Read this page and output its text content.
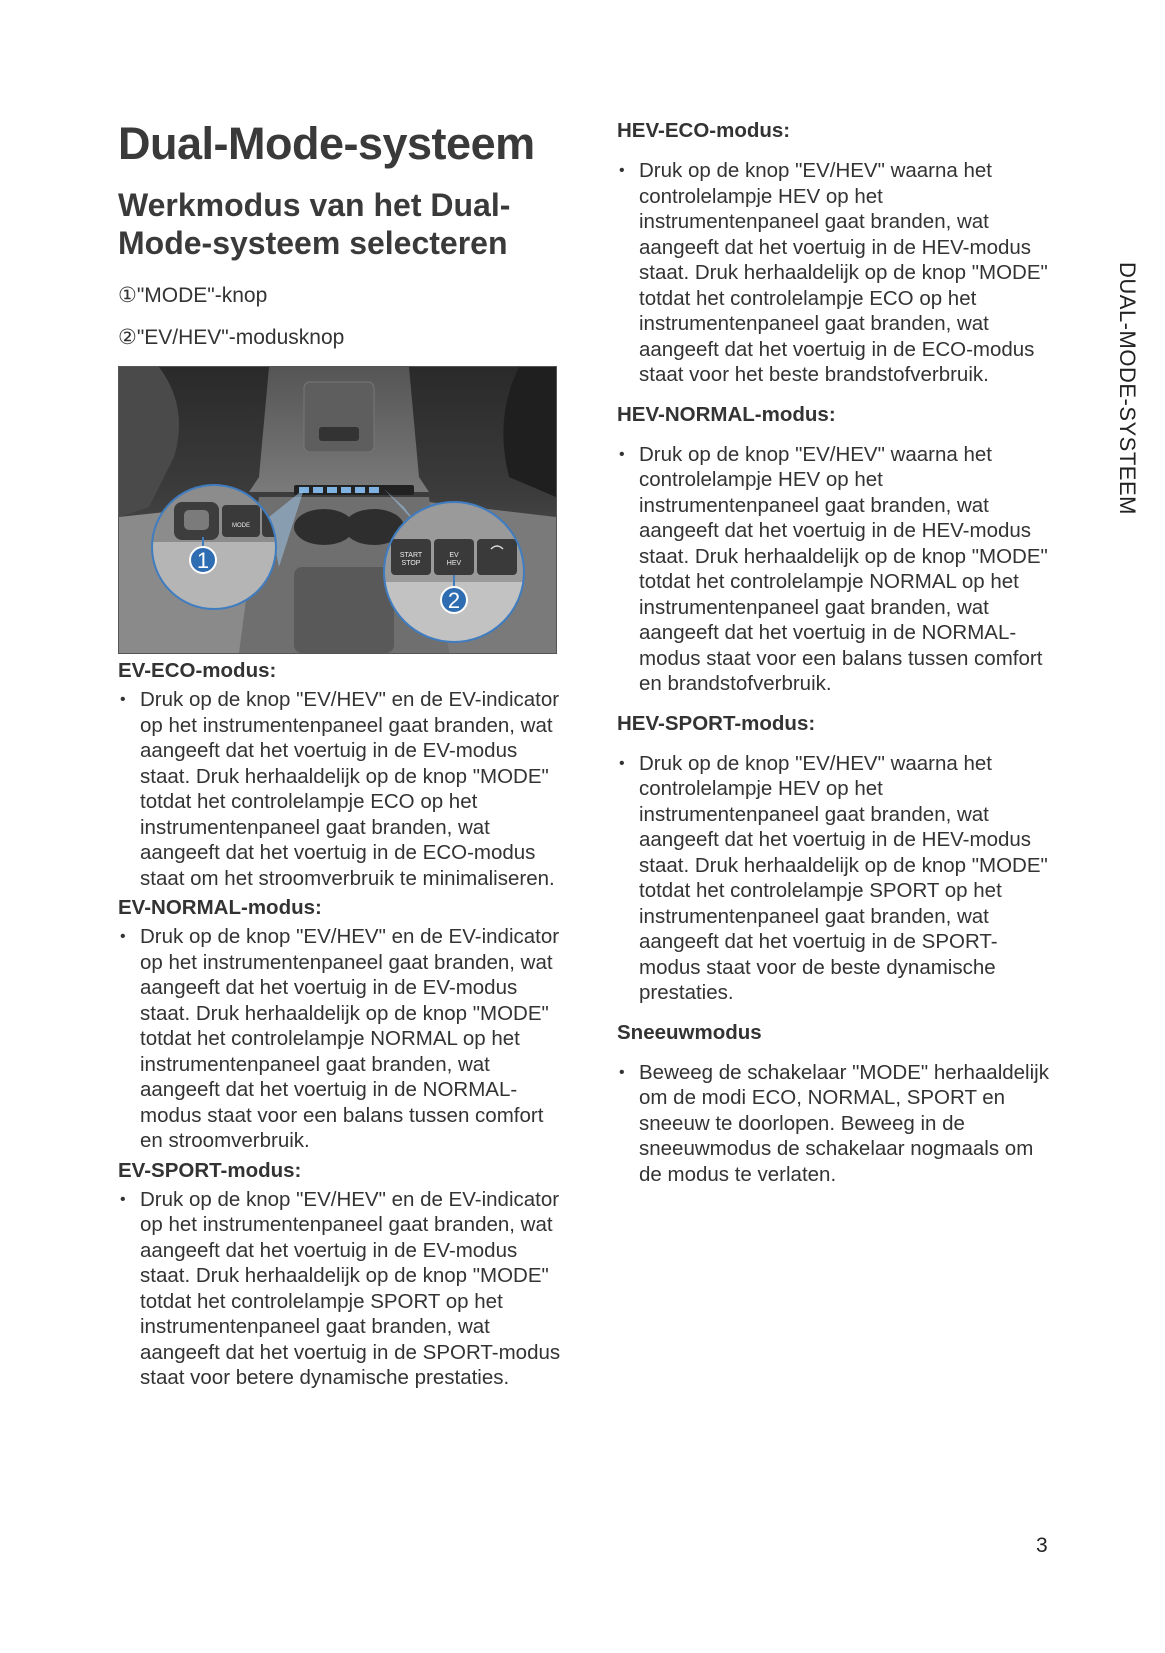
Dual-Mode-systeem
Werkmodus van het Dual-Mode-systeem selecteren
①"MODE"-knop
②"EV/HEV"-modusknop
MODE
1	START
STOP
EV
HEV
2
EV-ECO-modus:
• Druk op de knop "EV/HEV" en de EV-indicator op het instrumentenpaneel gaat branden, wat aangeeft dat het voertuig in de EV-modus staat. Druk herhaaldelijk op de knop "MODE" totdat het controlelampje ECO op het instrumentenpaneel gaat branden, wat aangeeft dat het voertuig in de ECO-modus staat om het stroomverbruik te minimaliseren.
EV-NORMAL-modus:
• Druk op de knop "EV/HEV" en de EV-indicator op het instrumentenpaneel gaat branden, wat aangeeft dat het voertuig in de EV-modus staat. Druk herhaaldelijk op de knop "MODE" totdat het controlelampje NORMAL op het instrumentenpaneel gaat branden, wat aangeeft dat het voertuig in de NORMAL-modus staat voor een balans tussen comfort en stroomverbruik.
EV-SPORT-modus:
• Druk op de knop "EV/HEV" en de EV-indicator op het instrumentenpaneel gaat branden, wat aangeeft dat het voertuig in de EV-modus staat. Druk herhaaldelijk op de knop "MODE" totdat het controlelampje SPORT op het instrumentenpaneel gaat branden, wat aangeeft dat het voertuig in de SPORT-modus staat voor betere dynamische prestaties.
HEV-ECO-modus:
• Druk op de knop "EV/HEV" waarna het controlelampje HEV op het instrumentenpaneel gaat branden, wat aangeeft dat het voertuig in de HEV-modus staat. Druk herhaaldelijk op de knop "MODE" totdat het controlelampje ECO op het instrumentenpaneel gaat branden, wat aangeeft dat het voertuig in de ECO-modus staat voor het beste brandstofverbruik.
HEV-NORMAL-modus:
• Druk op de knop "EV/HEV" waarna het controlelampje HEV op het instrumentenpaneel gaat branden, wat aangeeft dat het voertuig in de HEV-modus staat. Druk herhaaldelijk op de knop "MODE" totdat het controlelampje NORMAL op het instrumentenpaneel gaat branden, wat aangeeft dat het voertuig in de NORMAL-modus staat voor een balans tussen comfort en brandstofverbruik.
HEV-SPORT-modus:
• Druk op de knop "EV/HEV" waarna het controlelampje HEV op het instrumentenpaneel gaat branden, wat aangeeft dat het voertuig in de HEV-modus staat. Druk herhaaldelijk op de knop "MODE" totdat het controlelampje SPORT op het instrumentenpaneel gaat branden, wat aangeeft dat het voertuig in de SPORT-modus staat voor de beste dynamische prestaties.
Sneeuwmodus
• Beweeg de schakelaar "MODE" herhaaldelijk om de modi ECO, NORMAL, SPORT en sneeuw te doorlopen. Beweeg in de sneeuwmodus de schakelaar nogmaals om de modus te verlaten.
DUAL-MODE-SYSTEEM
3
